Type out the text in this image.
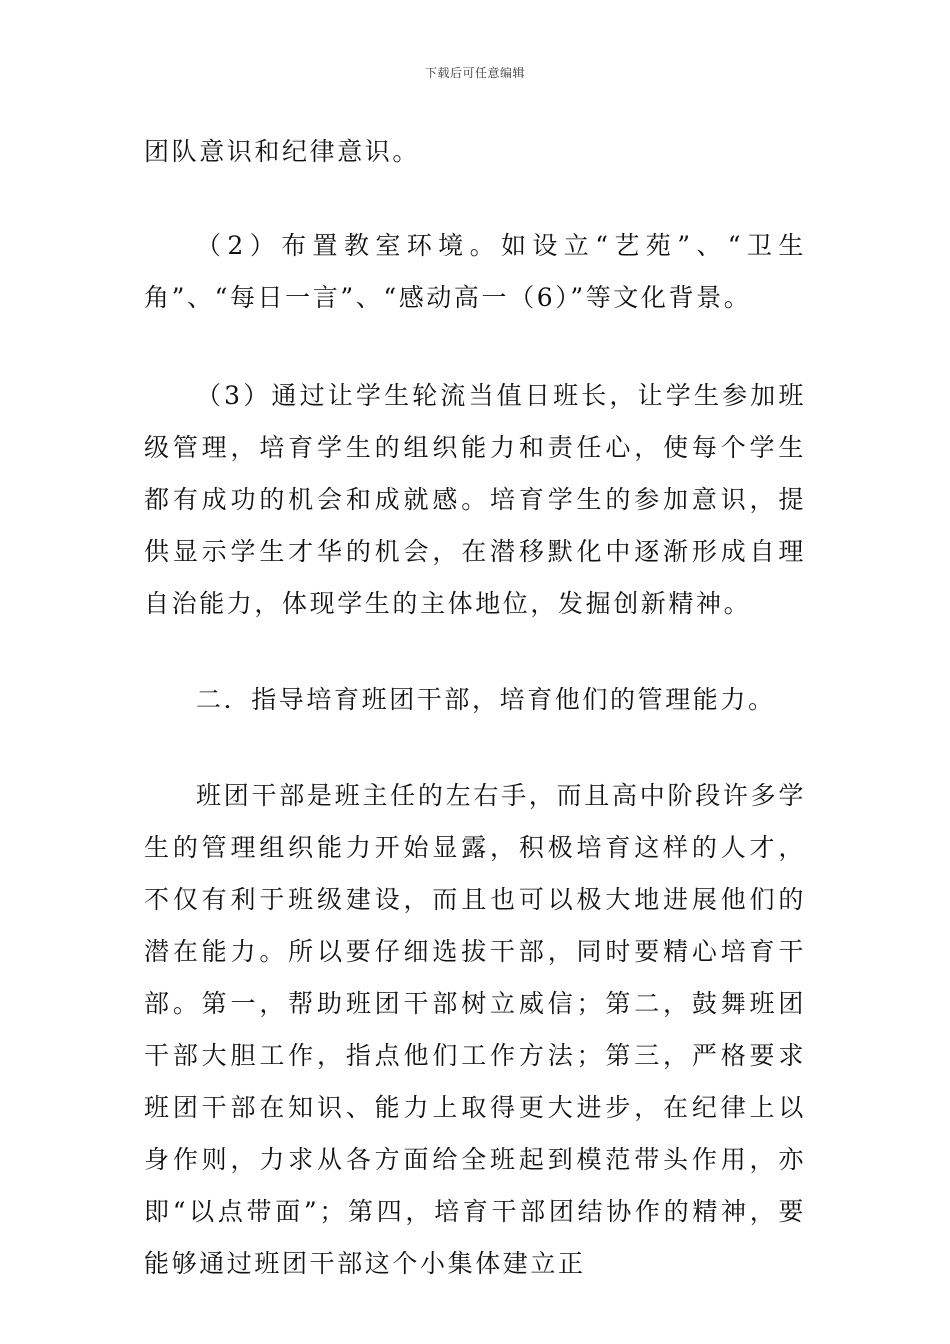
下载后可任意编辑

团队意识和纪律意识。

（2）布置教室环境。如设立“艺苑”、“卫生角”、“每日一言”、“感动高一（6）”等文化背景。

（3）通过让学生轮流当值日班长，让学生参加班级管理，培育学生的组织能力和责任心，使每个学生都有成功的机会和成就感。培育学生的参加意识，提供显示学生才华的机会，在潜移默化中逐渐形成自理自治能力，体现学生的主体地位，发掘创新精神。

二．指导培育班团干部，培育他们的管理能力。

班团干部是班主任的左右手，而且高中阶段许多学生的管理组织能力开始显露，积极培育这样的人才，不仅有利于班级建设，而且也可以极大地进展他们的潜在能力。所以要仔细选拔干部，同时要精心培育干部。第一，帮助班团干部树立威信；第二，鼓舞班团干部大胆工作，指点他们工作方法；第三，严格要求班团干部在知识、能力上取得更大进步，在纪律上以身作则，力求从各方面给全班起到模范带头作用，亦即“以点带面”；第四，培育干部团结协作的精神，要能够通过班团干部这个小集体建立正
